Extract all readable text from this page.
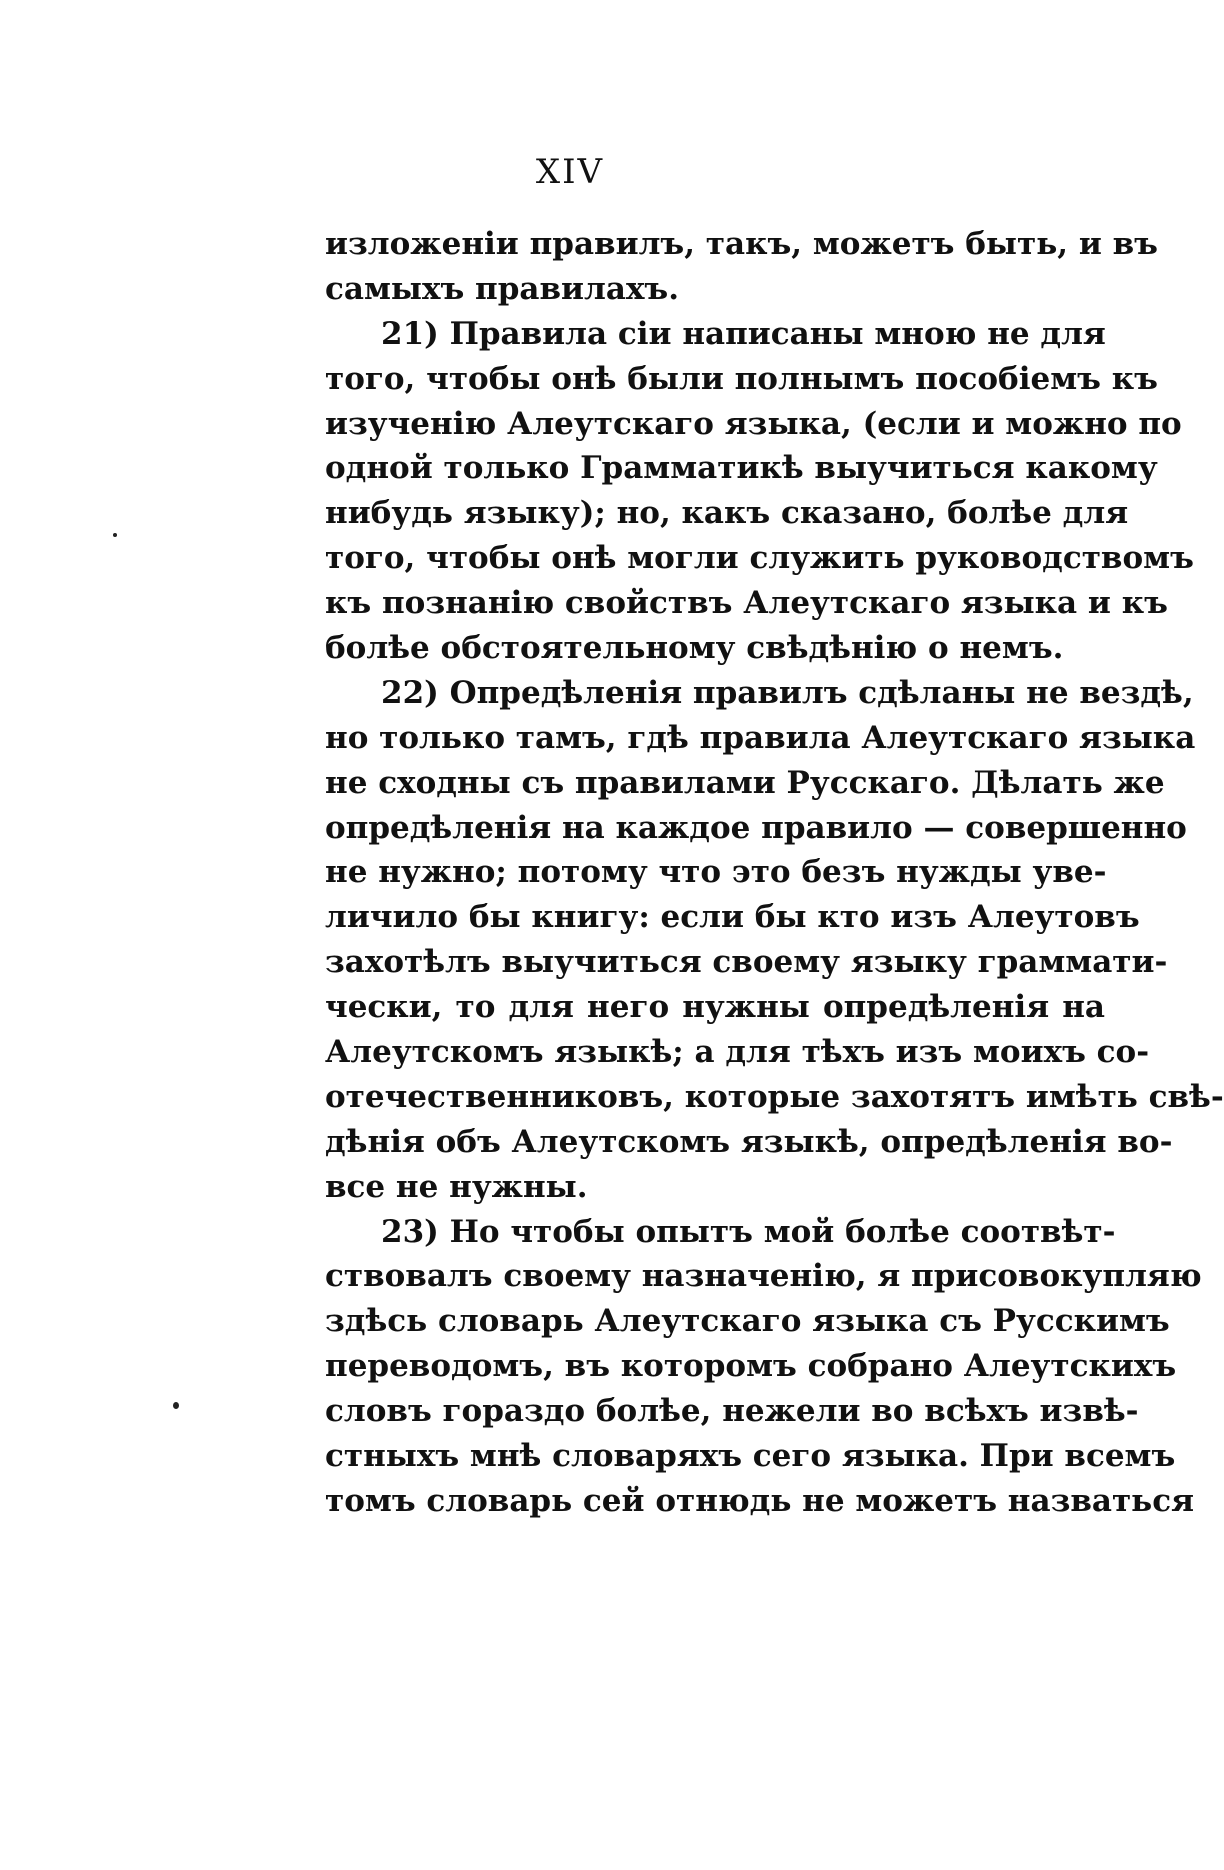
XIV
изложеніи правилъ, такъ, можетъ быть, и въ
самыхъ правилахъ.
21) Правила сіи написаны мною не для
того, чтобы онѣ были полнымъ пособіемъ къ
изученію Алеутскаго языка, (если и можно по
одной только Грамматикѣ выучиться какому
нибудь языку); но, какъ сказано, болѣе для
того, чтобы онѣ могли служить руководствомъ
къ познанію свойствъ Алеутскаго языка и къ
болѣе обстоятельному свѣдѣнію о немъ.
22) Опредѣленія правилъ сдѣланы не вездѣ,
но только тамъ, гдѣ правила Алеутскаго языка
не сходны съ правилами Русскаго. Дѣлать же
опредѣленія на каждое правило — совершенно
не нужно; потому что это безъ нужды уве-
личило бы книгу: если бы кто изъ Алеутовъ
захотѣлъ выучиться своему языку граммати-
чески, то для него нужны опредѣленія на
Алеутскомъ языкѣ; а для тѣхъ изъ моихъ со-
отечественниковъ, которые захотятъ имѣть свѣ-
дѣнія объ Алеутскомъ языкѣ, опредѣленія во-
все не нужны.
23) Но чтобы опытъ мой болѣе соотвѣт-
ствовалъ своему назначенію, я присовокупляю
здѣсь словарь Алеутскаго языка съ Русскимъ
переводомъ, въ которомъ собрано Алеутскихъ
словъ гораздо болѣе, нежели во всѣхъ извѣ-
стныхъ мнѣ словаряхъ сего языка. При всемъ
томъ словарь сей отнюдь не можетъ назваться
